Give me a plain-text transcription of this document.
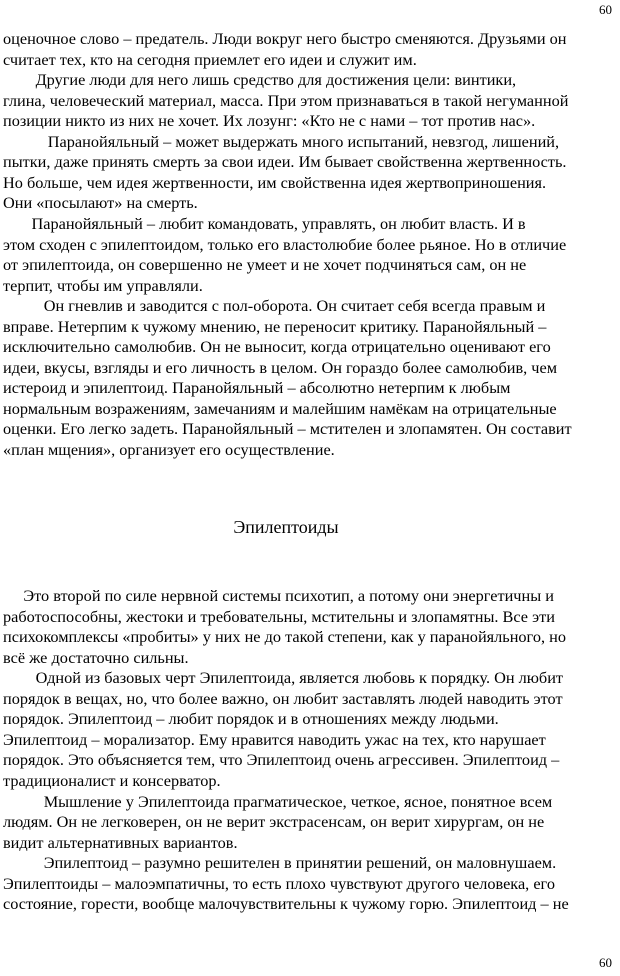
60
оценочное слово – предатель. Люди вокруг него быстро сменяются. Друзьями он
считает тех, кто на сегодня приемлет его идеи и служит им.
Другие люди для него лишь средство для достижения цели: винтики,
глина, человеческий материал, масса. При этом признаваться в такой негуманной
позиции никто из них не хочет. Их лозунг: «Кто не с нами – тот против нас».
Паранойяльный – может выдержать много испытаний, невзгод, лишений,
пытки, даже принять смерть за свои идеи. Им бывает свойственна жертвенность.
Но больше, чем идея жертвенности, им свойственна идея жертвоприношения.
Они «посылают» на смерть.
Паранойяльный – любит командовать, управлять, он любит власть. И в
этом сходен с эпилептоидом, только его властолюбие более рьяное. Но в отличие
от эпилептоида, он совершенно не умеет и не хочет подчиняться сам, он не
терпит, чтобы им управляли.
Он гневлив и заводится с пол-оборота. Он считает себя всегда правым и
вправе. Нетерпим к чужому мнению, не переносит критику. Паранойяльный –
исключительно самолюбив. Он не выносит, когда отрицательно оценивают его
идеи, вкусы, взгляды и его личность в целом. Он гораздо более самолюбив, чем
истероид и эпилептоид. Паранойяльный – абсолютно нетерпим к любым
нормальным возражениям, замечаниям и малейшим намёкам на отрицательные
оценки. Его легко задеть. Паранойяльный – мстителен и злопамятен. Он составит
«план мщения», организует его осуществление.
Эпилептоиды
Это второй по силе нервной системы психотип, а потому они энергетичны и
работоспособны, жестоки и требовательны, мстительны и злопамятны. Все эти
психокомплексы «пробиты» у них не до такой степени, как у паранойяльного, но
всё же достаточно сильны.
Одной из базовых черт Эпилептоида, является любовь к порядку. Он любит
порядок в вещах, но, что более важно, он любит заставлять людей наводить этот
порядок. Эпилептоид – любит порядок и в отношениях между людьми.
Эпилептоид – морализатор. Ему нравится наводить ужас на тех, кто нарушает
порядок. Это объясняется тем, что Эпилептоид очень агрессивен. Эпилептоид –
традиционалист и консерватор.
Мышление у Эпилептоида прагматическое, четкое, ясное, понятное всем
людям. Он не легковерен, он не верит экстрасенсам, он верит хирургам, он не
видит альтернативных вариантов.
Эпилептоид – разумно решителен в принятии решений, он маловнушаем.
Эпилептоиды – малоэмпатичны, то есть плохо чувствуют другого человека, его
состояние, горести, вообще малочувствительны к чужому горю. Эпилептоид – не
60
